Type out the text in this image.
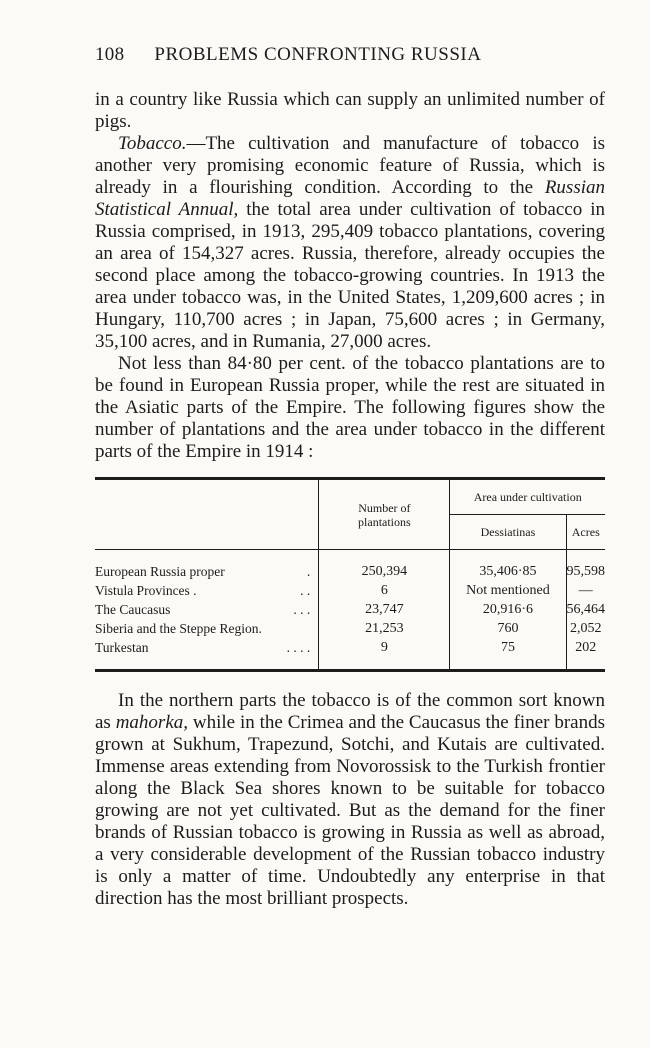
108 PROBLEMS CONFRONTING RUSSIA

in a country like Russia which can supply an unlimited number of pigs.

Tobacco.—The cultivation and manufacture of tobacco is another very promising economic feature of Russia, which is already in a flourishing condition. According to the Russian Statistical Annual, the total area under cultivation of tobacco in Russia comprised, in 1913, 295,409 tobacco plantations, covering an area of 154,327 acres. Russia, therefore, already occupies the second place among the tobacco-growing countries. In 1913 the area under tobacco was, in the United States, 1,209,600 acres ; in Hungary, 110,700 acres ; in Japan, 75,600 acres ; in Germany, 35,100 acres, and in Rumania, 27,000 acres.

Not less than 84·80 per cent. of the tobacco plantations are to be found in European Russia proper, while the rest are situated in the Asiatic parts of the Empire. The following figures show the number of plantations and the area under tobacco in the different parts of the Empire in 1914 :

	Number of plantations	Area under cultivation	
		Dessiatinas	Acres

European Russia proper .	250,394	35,406·85	95,598

Vistula Provinces . . .	6	Not mentioned	—

The Caucasus . . .	23,747	20,916·6	56,464

Siberia and the Steppe Region.	21,253	760	2,052

Turkestan . . . .	9	75	202

In the northern parts the tobacco is of the common sort known as mahorka, while in the Crimea and the Caucasus the finer brands grown at Sukhum, Trapezund, Sotchi, and Kutais are cultivated. Immense areas extending from Novorossisk to the Turkish frontier along the Black Sea shores known to be suitable for tobacco growing are not yet cultivated. But as the demand for the finer brands of Russian tobacco is growing in Russia as well as abroad, a very considerable development of the Russian tobacco industry is only a matter of time. Undoubtedly any enterprise in that direction has the most brilliant prospects.
